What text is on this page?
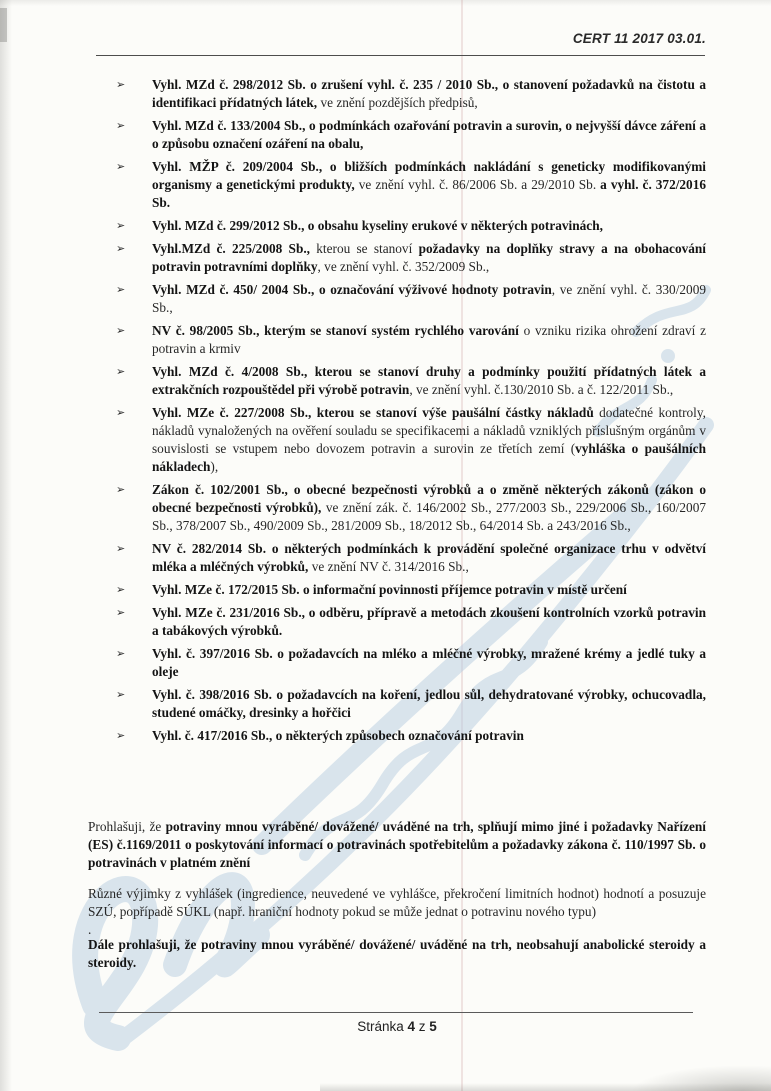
CERT 11 2017 03.01.
➢ Vyhl. MZd č. 298/2012 Sb. o zrušení vyhl. č. 235 / 2010 Sb., o stanovení požadavků na čistotu a identifikaci přídatných látek, ve znění pozdějších předpisů,
➢ Vyhl. MZd č. 133/2004 Sb., o podmínkách ozařování potravin a surovin, o nejvyšší dávce záření a o způsobu označení ozáření na obalu,
➢ Vyhl. MŽP č. 209/2004 Sb., o bližších podmínkách nakládání s geneticky modifikovanými organismy a genetickými produkty, ve znění vyhl. č. 86/2006 Sb. a 29/2010 Sb. a vyhl. č. 372/2016 Sb.
➢ Vyhl. MZd č. 299/2012 Sb., o obsahu kyseliny erukové v některých potravinách,
➢ Vyhl.MZd č. 225/2008 Sb., kterou se stanoví požadavky na doplňky stravy a na obohacování potravin potravními doplňky, ve znění vyhl. č. 352/2009 Sb.,
➢ Vyhl. MZd č. 450/ 2004 Sb., o označování výživové hodnoty potravin, ve znění vyhl. č. 330/2009 Sb.,
➢ NV č. 98/2005 Sb., kterým se stanoví systém rychlého varování o vzniku rizika ohrožení zdraví z potravin a krmiv
➢ Vyhl. MZd č. 4/2008 Sb., kterou se stanoví druhy a podmínky použití přídatných látek a extrakčních rozpouštědel při výrobě potravin, ve znění vyhl. č.130/2010 Sb. a č. 122/2011 Sb.,
➢ Vyhl. MZe č. 227/2008 Sb., kterou se stanoví výše paušální částky nákladů dodatečné kontroly, nákladů vynaložených na ověření souladu se specifikacemi a nákladů vzniklých příslušným orgánům v souvislosti se vstupem nebo dovozem potravin a surovin ze třetích zemí (vyhláška o paušálních nákladech),
➢ Zákon č. 102/2001 Sb., o obecné bezpečnosti výrobků a o změně některých zákonů (zákon o obecné bezpečnosti výrobků), ve znění zák. č. 146/2002 Sb., 277/2003 Sb., 229/2006 Sb., 160/2007 Sb., 378/2007 Sb., 490/2009 Sb., 281/2009 Sb., 18/2012 Sb., 64/2014 Sb. a 243/2016 Sb.,
➢ NV č. 282/2014 Sb. o některých podmínkách k provádění společné organizace trhu v odvětví mléka a mléčných výrobků, ve znění NV č. 314/2016 Sb.,
➢ Vyhl. MZe č. 172/2015 Sb. o informační povinnosti příjemce potravin v místě určení
➢ Vyhl. MZe č. 231/2016 Sb., o odběru, přípravě a metodách zkoušení kontrolních vzorků potravin a tabákových výrobků.
➢ Vyhl. č. 397/2016 Sb. o požadavcích na mléko a mléčné výrobky, mražené krémy a jedlé tuky a oleje
➢ Vyhl. č. 398/2016 Sb. o požadavcích na koření, jedlou sůl, dehydratované výrobky, ochucovadla, studené omáčky, dresinky a hořčici
➢ Vyhl. č. 417/2016 Sb., o některých způsobech označování potravin

Prohlašuji, že potraviny mnou vyráběné/ dovážené/ uváděné na trh, splňují mimo jiné i požadavky Nařízení (ES) č.1169/2011 o poskytování informací o potravinách spotřebitelům a požadavky zákona č. 110/1997 Sb. o potravinách v platném znění

Různé výjimky z vyhlášek (ingredience, neuvedené ve vyhlášce, překročení limitních hodnot) hodnotí a posuzuje SZÚ, popřípadě SÚKL (např. hraniční hodnoty pokud se může jednat o potravinu nového typu)

.

Dále prohlašuji, že potraviny mnou vyráběné/ dovážené/ uváděné na trh, neobsahují anabolické steroidy a steroidy.

Stránka 4 z 5
